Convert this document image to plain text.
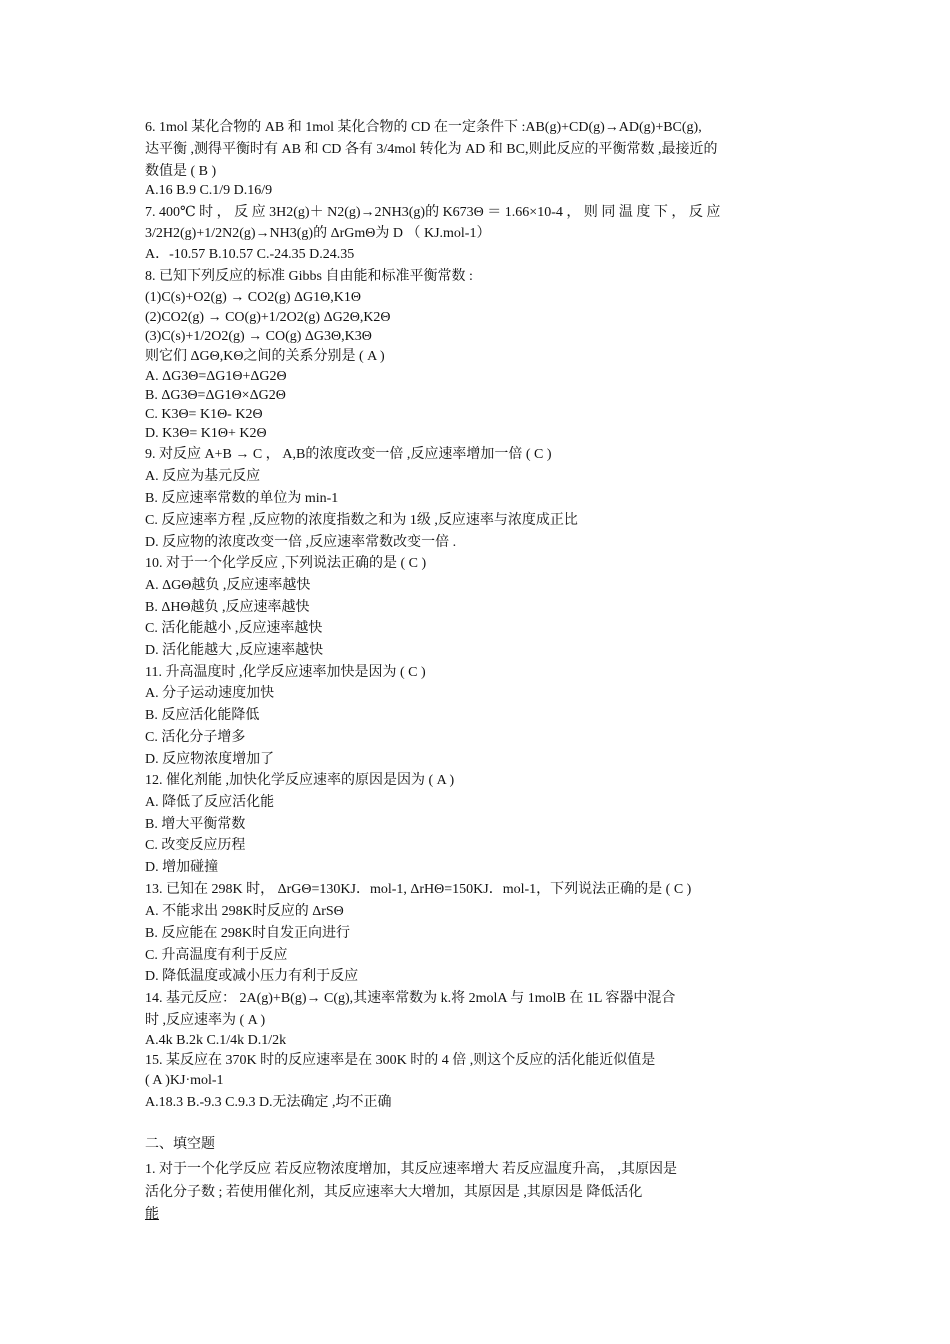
6. 1mol 某化合物的 AB 和 1mol 某化合物的 CD 在一定条件下 :AB(g)+CD(g)→AD(g)+BC(g),
达平衡 ,测得平衡时有 AB 和 CD 各有 3/4mol 转化为 AD 和 BC,则此反应的平衡常数 ,最接近的
数值是 ( B )
A.16 B.9 C.1/9 D.16/9
7. 400℃ 时 ， 反 应 3H2(g)＋ N2(g)→2NH3(g)的 K673Θ ＝ 1.66×10-4 ， 则 同 温 度 下 ， 反 应
3/2H2(g)+1/2N2(g)→NH3(g)的 ΔrGmΘ为 D （ KJ.mol-1）
A．-10.57 B.10.57 C.-24.35 D.24.35
8. 已知下列反应的标准 Gibbs 自由能和标准平衡常数 :
(1)C(s)+O2(g) → CO2(g) ΔG1Θ,K1Θ
(2)CO2(g) → CO(g)+1/2O2(g) ΔG2Θ,K2Θ
(3)C(s)+1/2O2(g) → CO(g) ΔG3Θ,K3Θ
则它们 ΔGΘ,KΘ之间的关系分别是 ( A )
A. ΔG3Θ=ΔG1Θ+ΔG2Θ
B. ΔG3Θ=ΔG1Θ×ΔG2Θ
C. K3Θ= K1Θ- K2Θ
D. K3Θ= K1Θ+ K2Θ
9. 对反应 A+B → C ， A,B的浓度改变一倍 ,反应速率增加一倍 ( C )
A. 反应为基元反应
B. 反应速率常数的单位为 min-1
C. 反应速率方程 ,反应物的浓度指数之和为 1级 ,反应速率与浓度成正比
D. 反应物的浓度改变一倍 ,反应速率常数改变一倍 .
10. 对于一个化学反应 ,下列说法正确的是 ( C )
A. ΔGΘ越负 ,反应速率越快
B. ΔHΘ越负 ,反应速率越快
C. 活化能越小 ,反应速率越快
D. 活化能越大 ,反应速率越快
11. 升高温度时 ,化学反应速率加快是因为 ( C )
A. 分子运动速度加快
B. 反应活化能降低
C. 活化分子增多
D. 反应物浓度增加了
12. 催化剂能 ,加快化学反应速率的原因是因为 ( A )
A. 降低了反应活化能
B. 增大平衡常数
C. 改变反应历程
D. 增加碰撞
13. 已知在 298K 时， ΔrGΘ=130KJ．mol-1, ΔrHΘ=150KJ．mol-1，下列说法正确的是 ( C )
A. 不能求出 298K时反应的 ΔrSΘ
B. 反应能在 298K时自发正向进行
C. 升高温度有利于反应
D. 降低温度或减小压力有利于反应
14. 基元反应： 2A(g)+B(g)→ C(g),其速率常数为 k.将 2molA 与 1molB 在 1L 容器中混合
时 ,反应速率为 ( A )
A.4k B.2k C.1/4k D.1/2k
15. 某反应在 370K 时的反应速率是在 300K 时的 4 倍 ,则这个反应的活化能近似值是
( A )KJ·mol-1
A.18.3 B.-9.3 C.9.3 D.无法确定 ,均不正确
二、填空题
1. 对于一个化学反应 若反应物浓度增加，其反应速率增大 若反应温度升高， ,其原因是
活化分子数 ; 若使用催化剂，其反应速率大大增加，其原因是 ,其原因是 降低活化
能
